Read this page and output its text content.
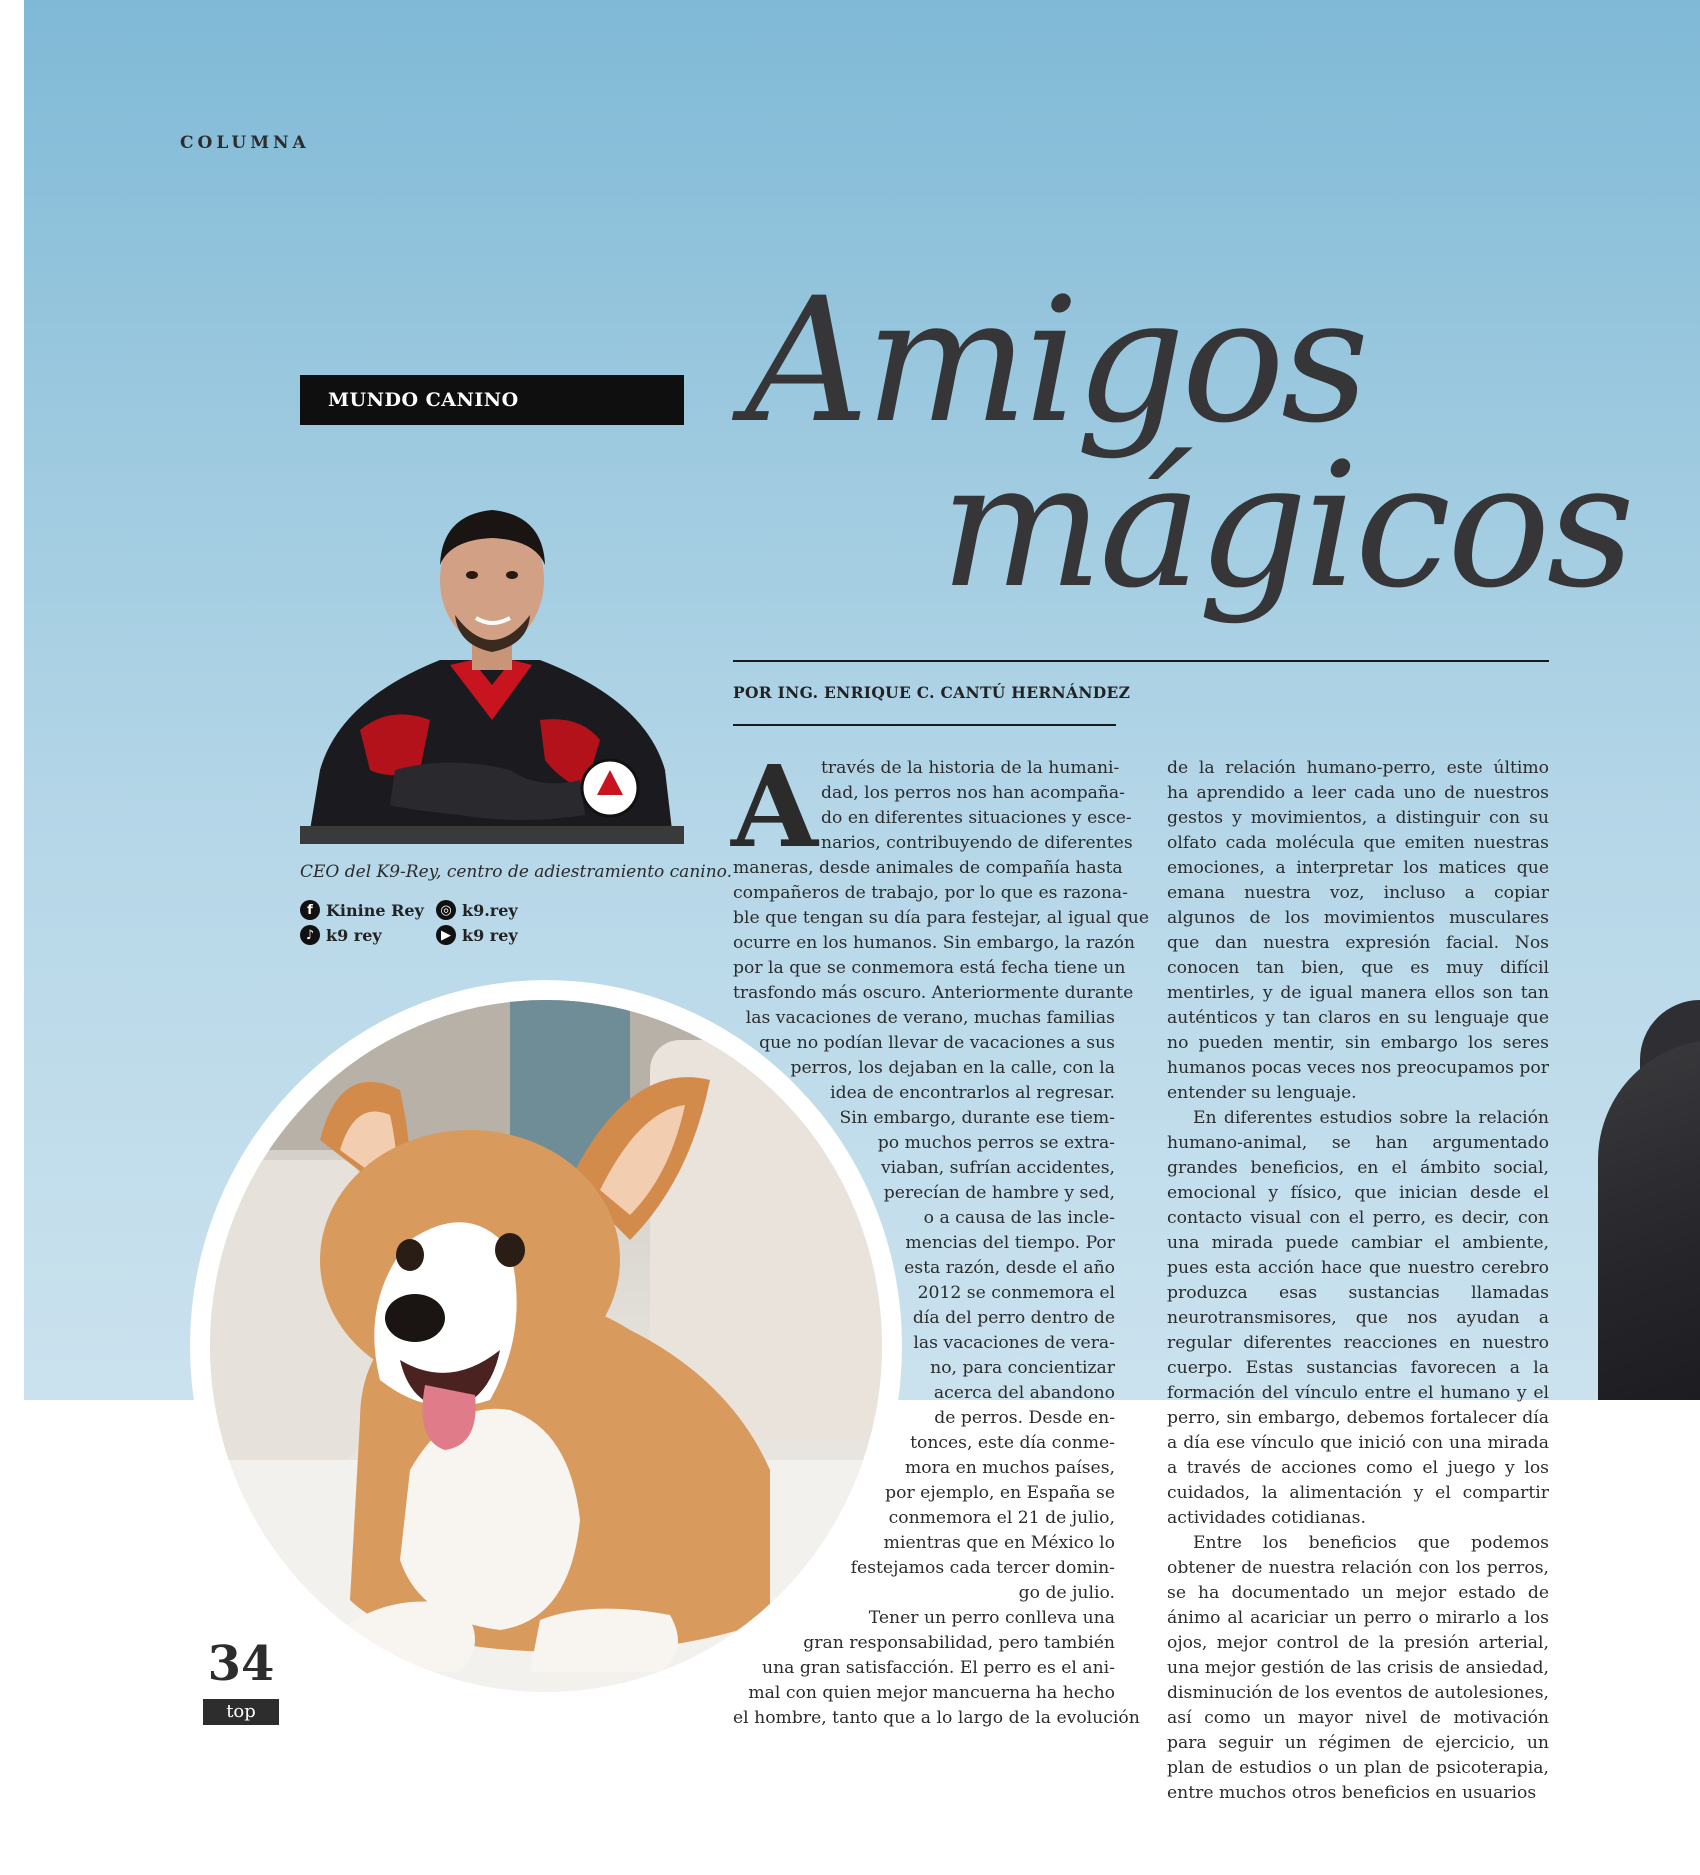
COLUMNA
MUNDO CANINO	Amigos
mágicos
POR ING. ENRIQUE C. CANTÚ HERNÁNDEZ
CEO del K9-Rey, centro de adiestramiento canino.
f Kinine Rey	◎ k9.rey
♪ k9 rey	▶ k9 rey
A través de la historia de la humani-
dad, los perros nos han acompaña-
do en diferentes situaciones y esce-
narios, contribuyendo de diferentes
maneras, desde animales de compañía hasta
compañeros de trabajo, por lo que es razona-
ble que tengan su día para festejar, al igual que
ocurre en los humanos. Sin embargo, la razón
por la que se conmemora está fecha tiene un
trasfondo más oscuro. Anteriormente durante
las vacaciones de verano, muchas familias
que no podían llevar de vacaciones a sus
perros, los dejaban en la calle, con la
idea de encontrarlos al regresar.
Sin embargo, durante ese tiem-
po muchos perros se extra-
viaban, sufrían accidentes,
perecían de hambre y sed,
o a causa de las incle-
mencias del tiempo. Por
esta razón, desde el año
2012 se conmemora el
día del perro dentro de
las vacaciones de vera-
no, para concientizar
acerca del abandono
de perros. Desde en-
tonces, este día conme-
mora en muchos países,
por ejemplo, en España se
conmemora el 21 de julio,
mientras que en México lo
festejamos cada tercer domin-
go de julio.
Tener un perro conlleva una
gran responsabilidad, pero también
una gran satisfacción. El perro es el ani-
mal con quien mejor mancuerna ha hecho
el hombre, tanto que a lo largo de la evolución

de la relación humano-perro, este último ha aprendido a leer cada uno de nuestros gestos y movimientos, a distinguir con su olfato cada molécula que emiten nuestras emociones, a interpretar los matices que emana nuestra voz, incluso a copiar algunos de los movimientos musculares que dan nuestra expresión facial. Nos conocen tan bien, que es muy difícil mentirles, y de igual manera ellos son tan auténticos y tan claros en su lenguaje que no pueden mentir, sin embargo los seres humanos pocas veces nos preocupamos por entender su lenguaje.

En diferentes estudios sobre la relación humano-animal, se han argumentado grandes beneficios, en el ámbito social, emocional y físico, que inician desde el contacto visual con el perro, es decir, con una mirada puede cambiar el ambiente, pues esta acción hace que nuestro cerebro produzca esas sustancias llamadas neurotransmisores, que nos ayudan a regular diferentes reacciones en nuestro cuerpo. Estas sustancias favorecen a la formación del vínculo entre el humano y el perro, sin embargo, debemos fortalecer día a día ese vínculo que inició con una mirada a través de acciones como el juego y los cuidados, la alimentación y el compartir actividades cotidianas.

Entre los beneficios que podemos obtener de nuestra relación con los perros, se ha documentado un mejor estado de ánimo al acariciar un perro o mirarlo a los ojos, mejor control de la presión arterial, una mejor gestión de las crisis de ansiedad, disminución de los eventos de autolesiones, así como un mayor nivel de motivación para seguir un régimen de ejercicio, un plan de estudios o un plan de psicoterapia, entre muchos otros beneficios en usuarios

34
top
